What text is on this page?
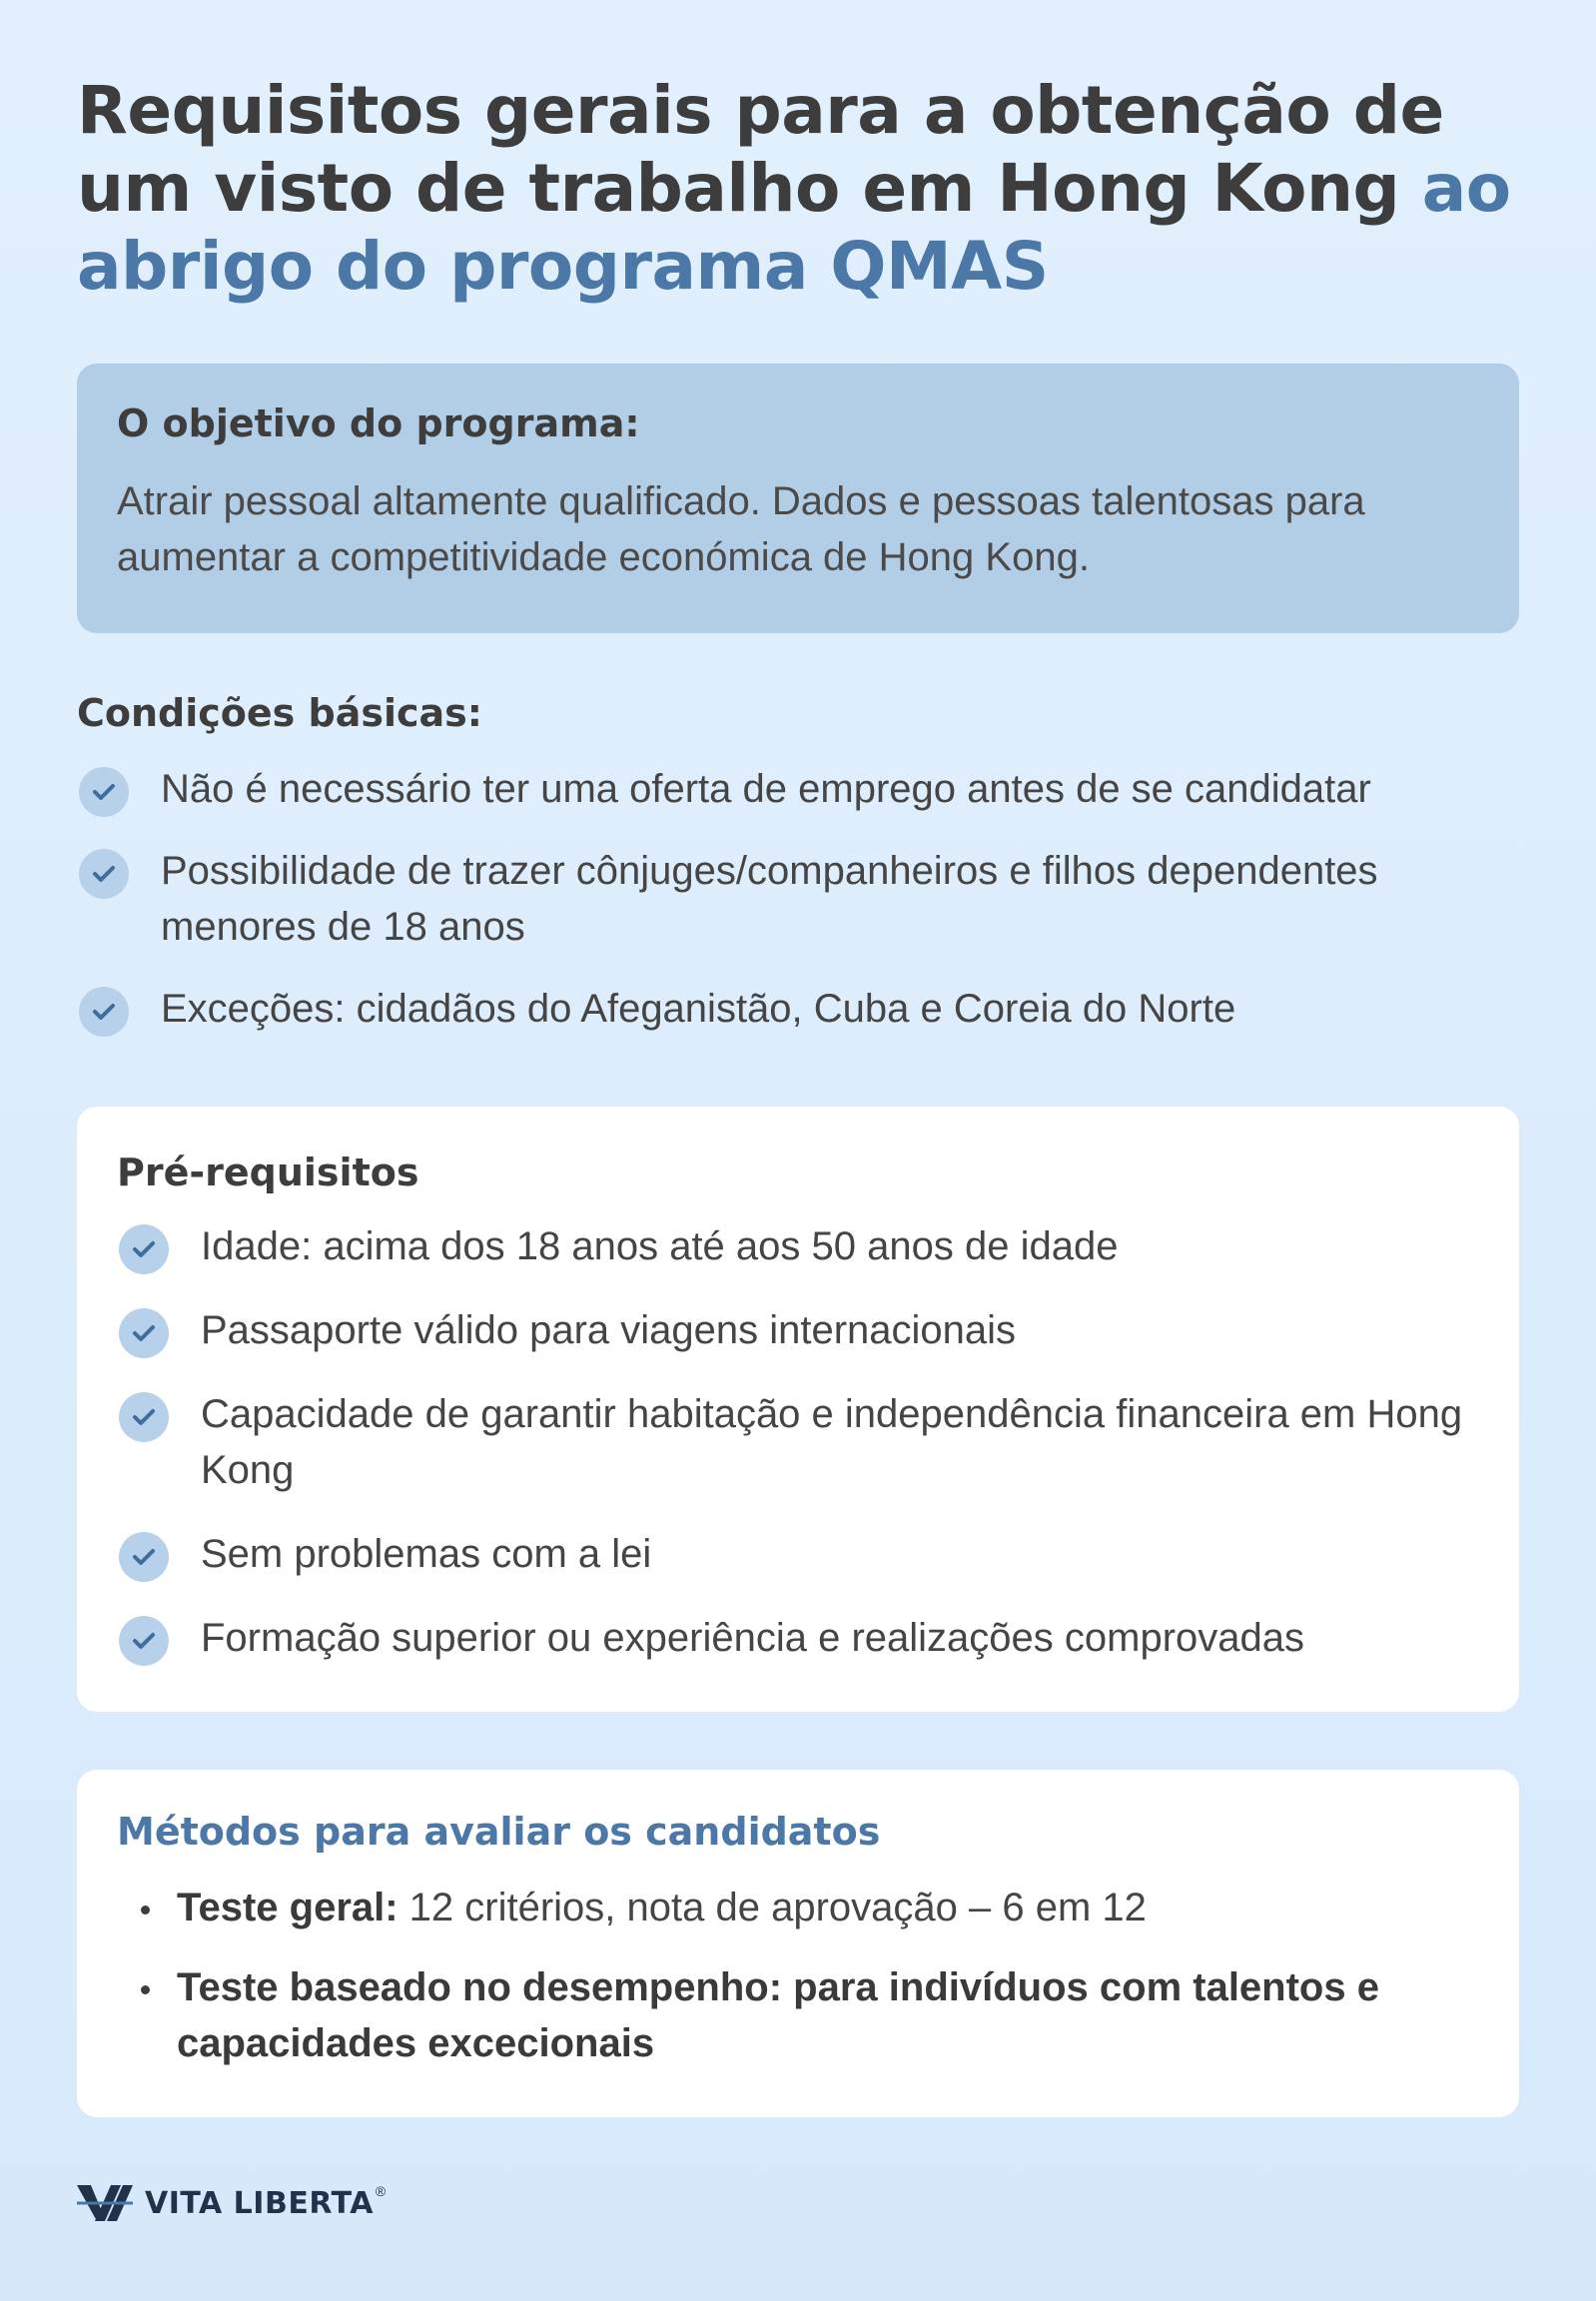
Requisitos gerais para a obtenção de um visto de trabalho em Hong Kong ao abrigo do programa QMAS
O objetivo do programa:
Atrair pessoal altamente qualificado. Dados e pessoas talentosas para aumentar a competitividade económica de Hong Kong.
Condições básicas:
Não é necessário ter uma oferta de emprego antes de se candidatar
Possibilidade de trazer cônjuges/companheiros e filhos dependentes menores de 18 anos
Exceções: cidadãos do Afeganistão, Cuba e Coreia do Norte
Pré-requisitos
Idade: acima dos 18 anos até aos 50 anos de idade
Passaporte válido para viagens internacionais
Capacidade de garantir habitação e independência financeira em Hong Kong
Sem problemas com a lei
Formação superior ou experiência e realizações comprovadas
Métodos para avaliar os candidatos
Teste geral: 12 critérios, nota de aprovação – 6 em 12
Teste baseado no desempenho: para indivíduos com talentos e capacidades excecionais
VITA LIBERTA ®
